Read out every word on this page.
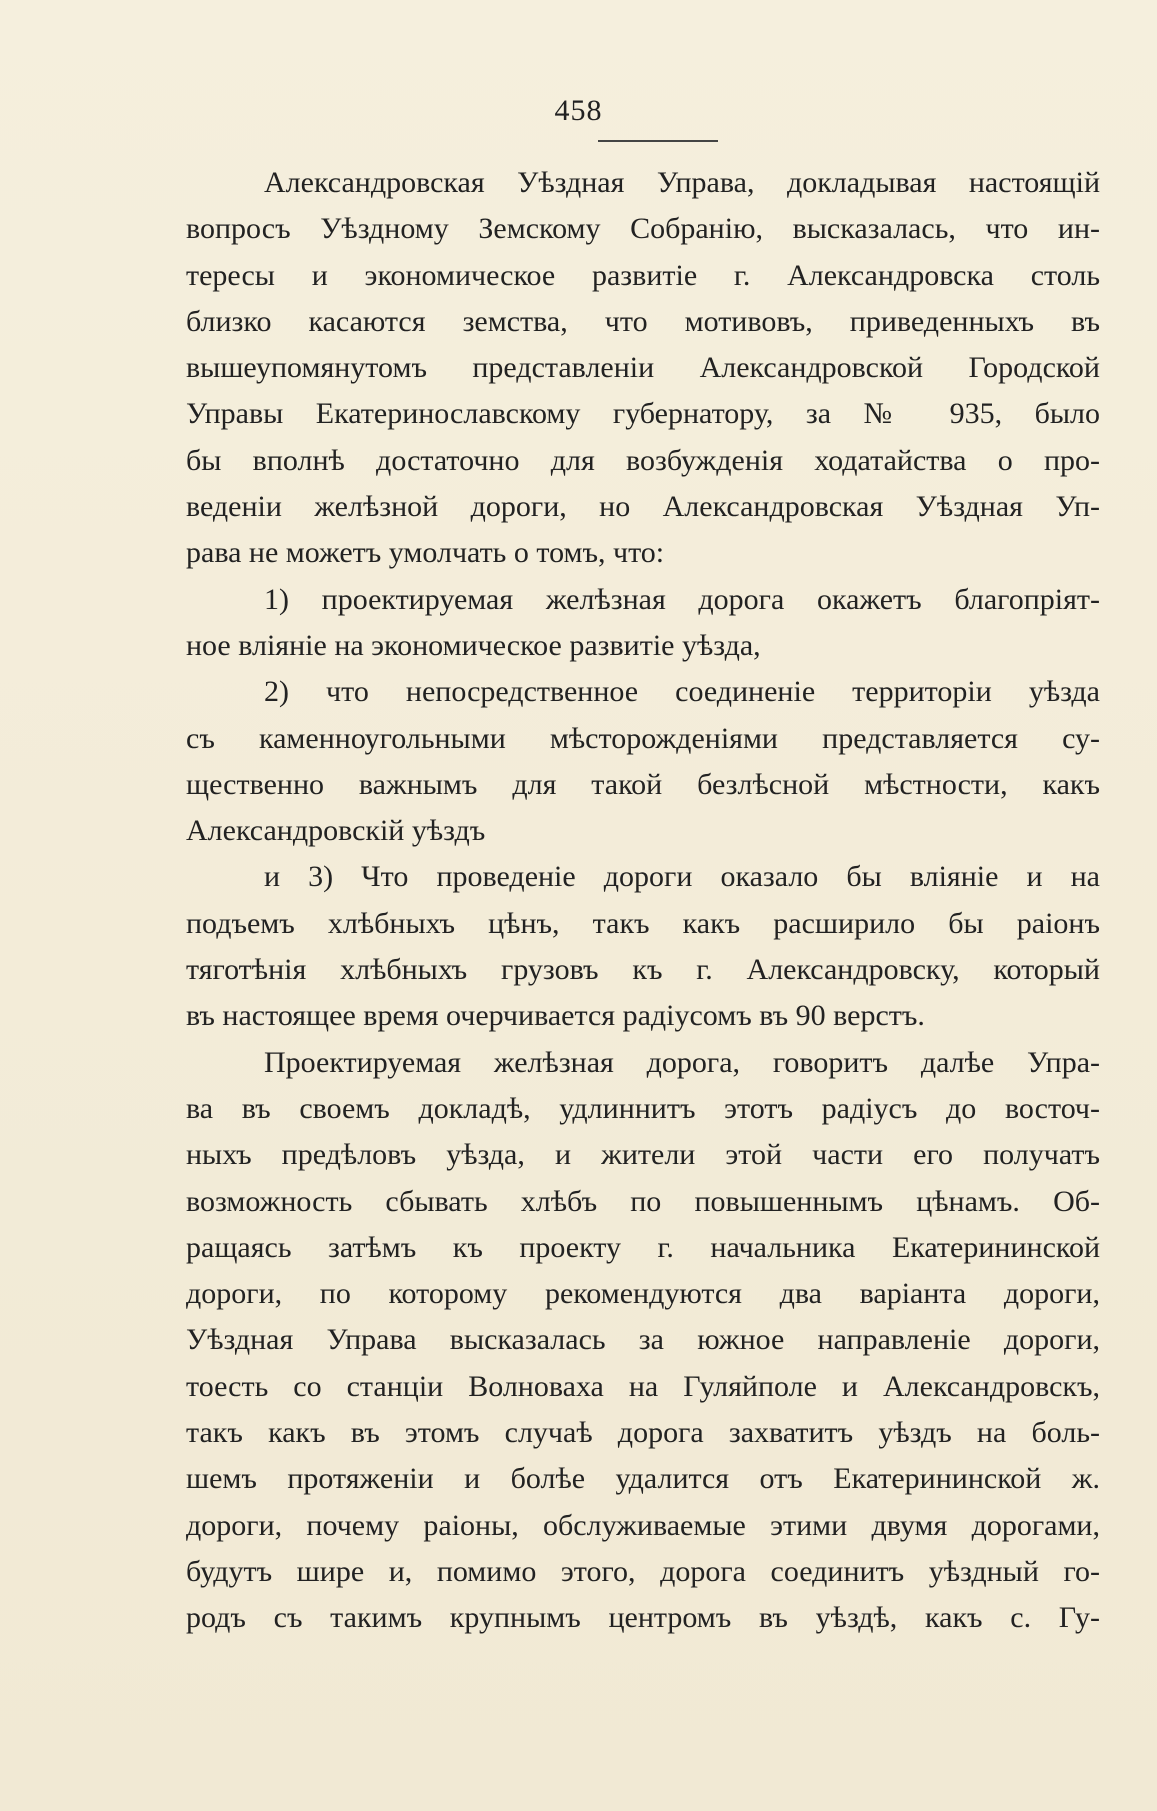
458
Александровская Уѣздная Управа, докладывая настоящій
вопросъ Уѣздному Земскому Собранію, высказалась, что ин-
тересы и экономическое развитіе г. Александровска столь
близко касаются земства, что мотивовъ, приведенныхъ въ
вышеупомянутомъ представленіи Александровской Городской
Управы Екатеринославскому губернатору, за № 935, было
бы вполнѣ достаточно для возбужденія ходатайства о про-
веденіи желѣзной дороги, но Александровская Уѣздная Уп-
рава не можетъ умолчать о томъ, что:
1) проектируемая желѣзная дорога окажетъ благопріят-
ное вліяніе на экономическое развитіе уѣзда,
2) что непосредственное соединеніе территоріи уѣзда
съ каменноугольными мѣсторожденіями представляется су-
щественно важнымъ для такой безлѣсной мѣстности, какъ
Александровскій уѣздъ
и 3) Что проведеніе дороги оказало бы вліяніе и на
подъемъ хлѣбныхъ цѣнъ, такъ какъ расширило бы раіонъ
тяготѣнія хлѣбныхъ грузовъ къ г. Александровску, который
въ настоящее время очерчивается радіусомъ въ 90 верстъ.
Проектируемая желѣзная дорога, говоритъ далѣе Упра-
ва въ своемъ докладѣ, удлиннитъ этотъ радіусъ до восточ-
ныхъ предѣловъ уѣзда, и жители этой части его получатъ
возможность сбывать хлѣбъ по повышеннымъ цѣнамъ. Об-
ращаясь затѣмъ къ проекту г. начальника Екатерининской
дороги, по которому рекомендуются два варіанта дороги,
Уѣздная Управа высказалась за южное направленіе дороги,
тоесть со станціи Волноваха на Гуляйполе и Александровскъ,
такъ какъ въ этомъ случаѣ дорога захватитъ уѣздъ на боль-
шемъ протяженіи и болѣе удалится отъ Екатерининской ж.
дороги, почему раіоны, обслуживаемые этими двумя дорогами,
будутъ шире и, помимо этого, дорога соединитъ уѣздный го-
родъ съ такимъ крупнымъ центромъ въ уѣздѣ, какъ с. Гу-
